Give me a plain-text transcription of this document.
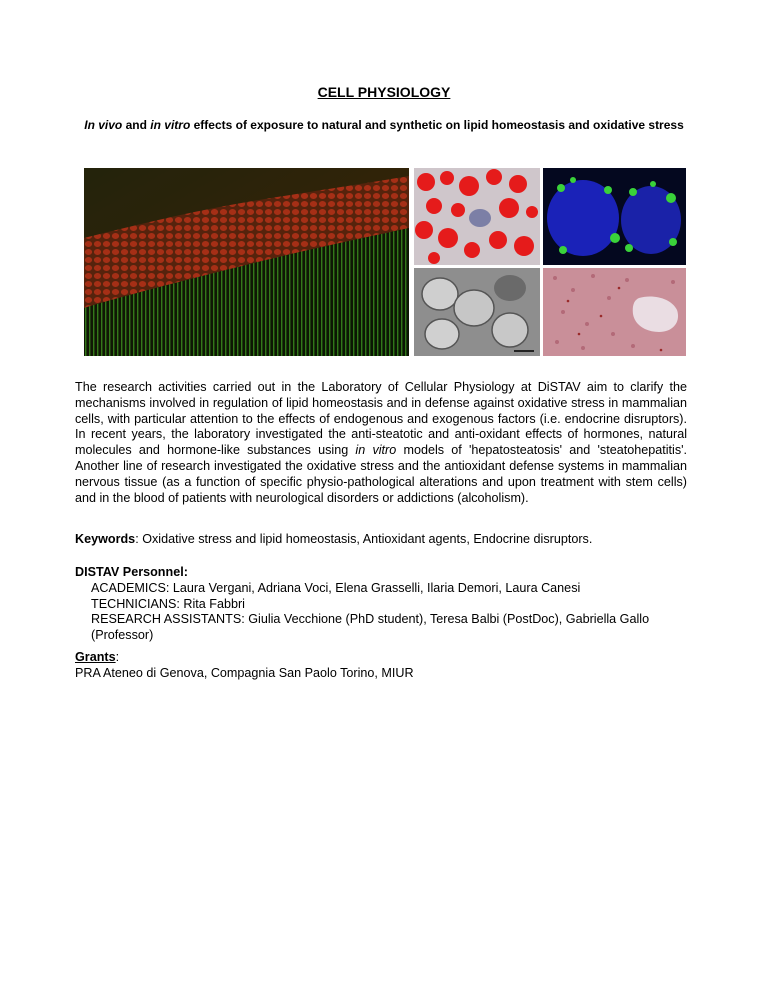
CELL PHYSIOLOGY
In vivo and in vitro effects of exposure to natural and synthetic on lipid homeostasis and oxidative stress
The research activities carried out in the Laboratory of Cellular Physiology at DiSTAV aim to clarify the mechanisms involved in regulation of lipid homeostasis and in defense against oxidative stress in mammalian cells, with particular attention to the effects of endogenous and exogenous factors (i.e. endocrine disruptors). In recent years, the laboratory investigated the anti-steatotic and anti-oxidant effects of hormones, natural molecules and hormone-like substances using in vitro models of 'hepatosteatosis' and 'steatohepatitis'. Another line of research investigated the oxidative stress and the antioxidant defense systems in mammalian nervous tissue (as a function of specific physio-pathological alterations and upon treatment with stem cells) and in the blood of patients with neurological disorders or addictions (alcoholism).
Keywords: Oxidative stress and lipid homeostasis, Antioxidant agents, Endocrine disruptors.
DISTAV Personnel:
ACADEMICS: Laura Vergani, Adriana Voci, Elena Grasselli, Ilaria Demori, Laura Canesi
TECHNICIANS: Rita Fabbri
RESEARCH ASSISTANTS: Giulia Vecchione (PhD student), Teresa Balbi (PostDoc), Gabriella Gallo (Professor)
Grants:
PRA Ateneo di Genova, Compagnia San Paolo Torino, MIUR
